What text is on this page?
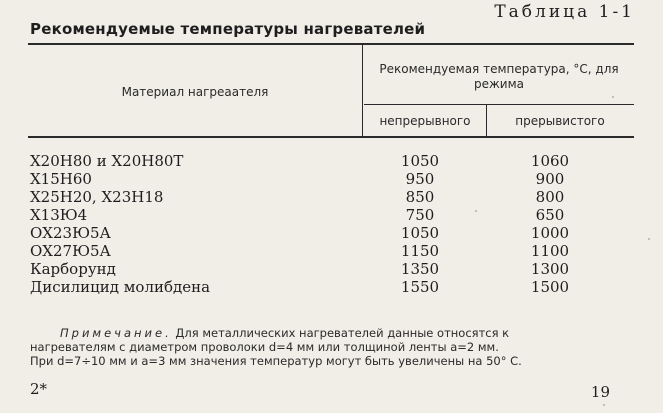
Таблица 1-1
Рекомендуемые температуры нагревателей
Материал нагреаателя
Рекомендуемая температура, °С, для режима
непрерывного	прерывистого
Х20Н80 и Х20Н80Т	1050	1060
Х15Н60	950	900
Х25Н20, Х23Н18	850	800
Х13Ю4	750	650
ОХ23Ю5А	1050	1000
ОХ27Ю5А	1150	1100
Карборунд	1350	1300
Дисилицид молибдена	1550	1500
Примечание. Для металлических нагревателей данные относятся к
нагревателям с диаметром проволоки d=4 мм или толщиной ленты a=2 мм.
При d=7÷10 мм и a=3 мм значения температур могут быть увеличены на 50° С.
2*	19
